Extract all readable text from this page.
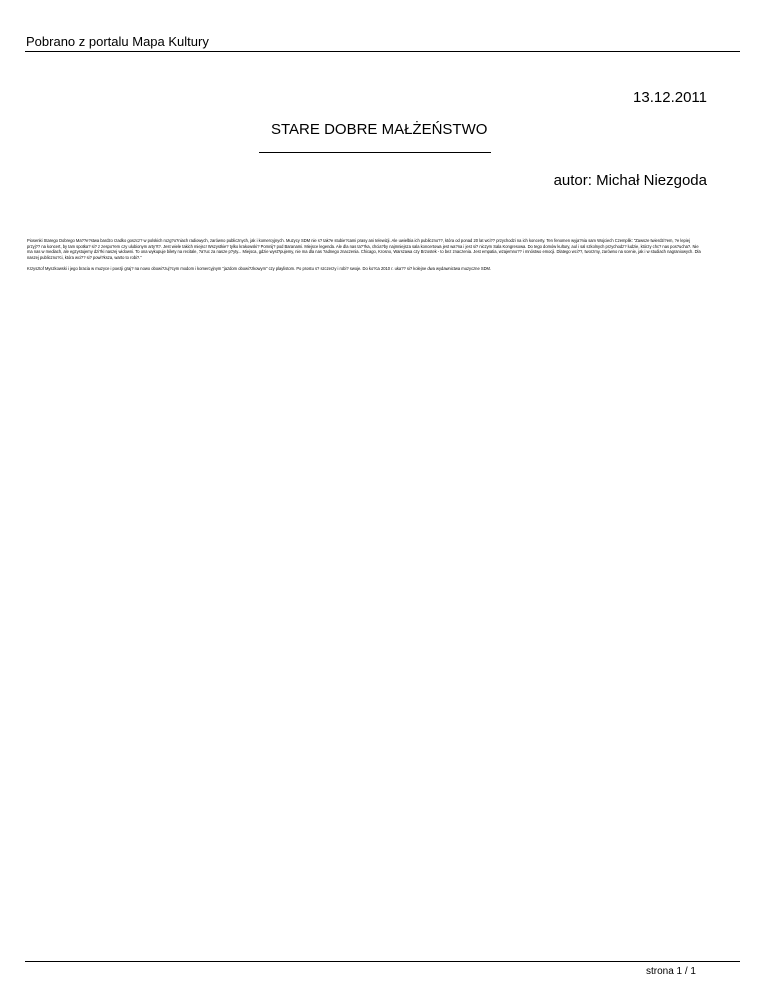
Pobrano z portalu Mapa Kultury
13.12.2011
STARE DOBRE MAŁŻEŃSTWO
autor: Michał Niezgoda

Piosenki Starego Dobrego Ma??e?stwa bardzo rzadko goszcz? w polskich rozg?o?niach radiowych, zarówno publicznych, jak i komercyjnych. Muzycy SDM nie s? tak?e stubie?cami prasy ani telewizji. Ale uwielbia ich publiczno??, która od ponad 20 lat wci?? przychodzi na ich koncerty. Ten fenomen wyja?nia sam Wojciech Czemplik: "Zawsze twierdzi?em, ?e lepiej przyj?? na koncert, by tam spotka? si? z zespo?em czy ulubionym arty?t?. Jest wiele takich miejsc! Wszystkie? tylko krakowski? Pomnij? pod Baranami. Miejsce legenda. Ale dla nas ta??ka, chcia?by najmniejsza sala koncertowa jest wa?na i jest si? niczym Sala Kongresowa. Do tego domów kultury, aul i sal szkolnych przychodz? ludzie, którzy chc? nas pos?ucha?. Nie ma nas w mediach, ale egzystujemy dzi?ki naszej widowni. To ona wykupuje bilety na recitale, ?a?uc za nasze p?yty... Miejsca, gdzie wyst?pujemy, nie ma dla nas ?adnego znaczenia. Chicago, Krosno, Warszawa czy Brzostek - to bez znaczenia. Jest empatia, wzajemno?? i mnóstwo emocji. Dlatego wci??, tworzmy, zarówno na scenie, jak i w studiach nagraniowych. Dla naszej publiczno?ci, która wci?? si? powi?ksza, warto to robi?."

Krzysztof Myszkowski i jego bracia w muzyce i poezji graj? na nowo obowi?zuj?cym modom i komercyjnym "jazdom obowi?zkowym" czy playlistom. Po prostu s? szczerzy i robi? swoje. Do ko?ca 2010 r. uka?? si? kolejne dwa wydawnictwa muzyczne SDM.

strona 1 / 1
